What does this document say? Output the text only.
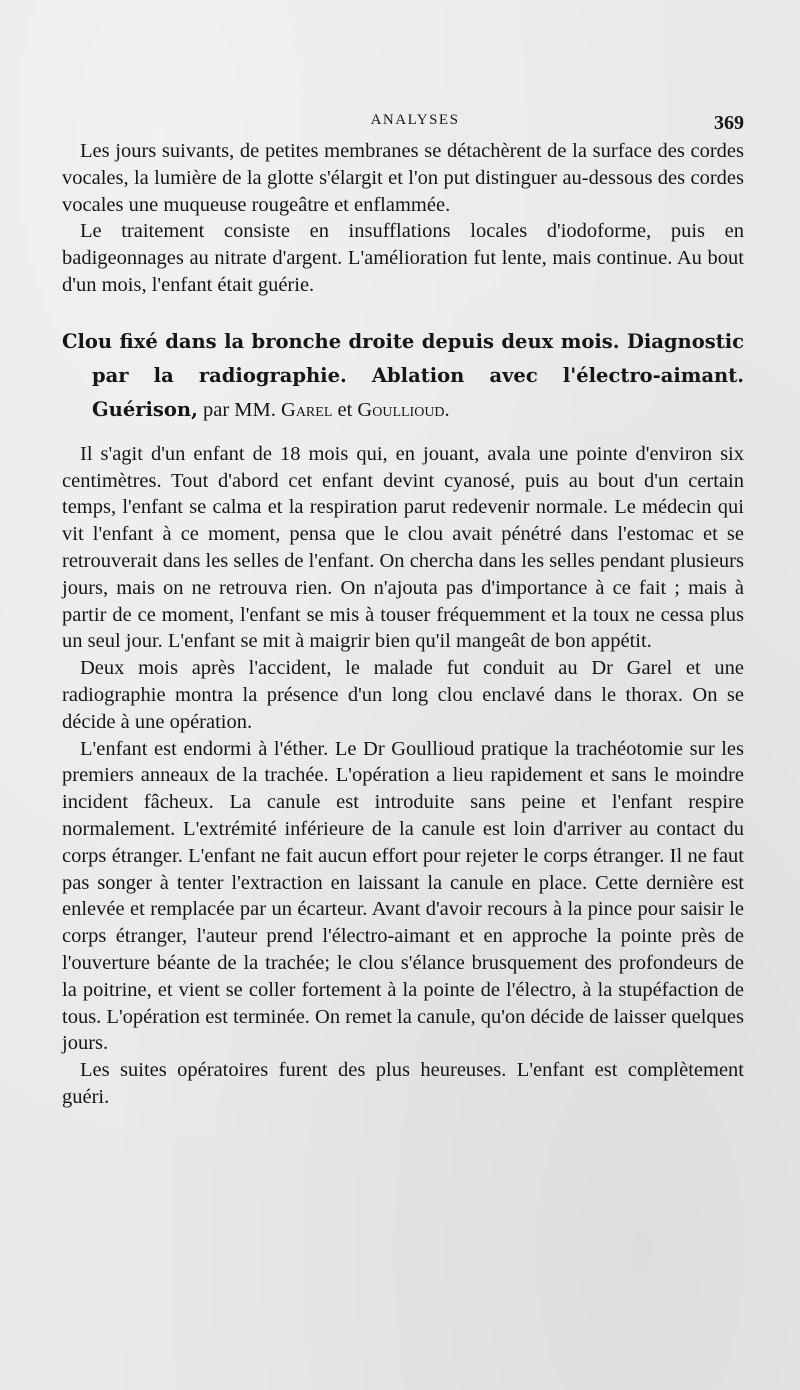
ANALYSES	369

Les jours suivants, de petites membranes se détachèrent de la surface des cordes vocales, la lumière de la glotte s'élargit et l'on put distinguer au-dessous des cordes vocales une muqueuse rougeâtre et enflammée.

Le traitement consiste en insufflations locales d'iodoforme, puis en badigeonnages au nitrate d'argent. L'amélioration fut lente, mais continue. Au bout d'un mois, l'enfant était guérie.

Clou fixé dans la bronche droite depuis deux mois. Diagnostic par la radiographie. Ablation avec l'électro-aimant. Guérison, par MM. Garel et Goullioud.

Il s'agit d'un enfant de 18 mois qui, en jouant, avala une pointe d'environ six centimètres. Tout d'abord cet enfant devint cyanosé, puis au bout d'un certain temps, l'enfant se calma et la respiration parut redevenir normale. Le médecin qui vit l'enfant à ce moment, pensa que le clou avait pénétré dans l'estomac et se retrouverait dans les selles de l'enfant. On chercha dans les selles pendant plusieurs jours, mais on ne retrouva rien. On n'ajouta pas d'importance à ce fait ; mais à partir de ce moment, l'enfant se mis à touser fréquemment et la toux ne cessa plus un seul jour. L'enfant se mit à maigrir bien qu'il mangeât de bon appétit.

Deux mois après l'accident, le malade fut conduit au Dr Garel et une radiographie montra la présence d'un long clou enclavé dans le thorax. On se décide à une opération.

L'enfant est endormi à l'éther. Le Dr Goullioud pratique la trachéotomie sur les premiers anneaux de la trachée. L'opération a lieu rapidement et sans le moindre incident fâcheux. La canule est introduite sans peine et l'enfant respire normalement. L'extrémité inférieure de la canule est loin d'arriver au contact du corps étranger. L'enfant ne fait aucun effort pour rejeter le corps étranger. Il ne faut pas songer à tenter l'extraction en laissant la canule en place. Cette dernière est enlevée et remplacée par un écarteur. Avant d'avoir recours à la pince pour saisir le corps étranger, l'auteur prend l'électro-aimant et en approche la pointe près de l'ouverture béante de la trachée; le clou s'élance brusquement des profondeurs de la poitrine, et vient se coller fortement à la pointe de l'électro, à la stupéfaction de tous. L'opération est terminée. On remet la canule, qu'on décide de laisser quelques jours.

Les suites opératoires furent des plus heureuses. L'enfant est complètement guéri.
